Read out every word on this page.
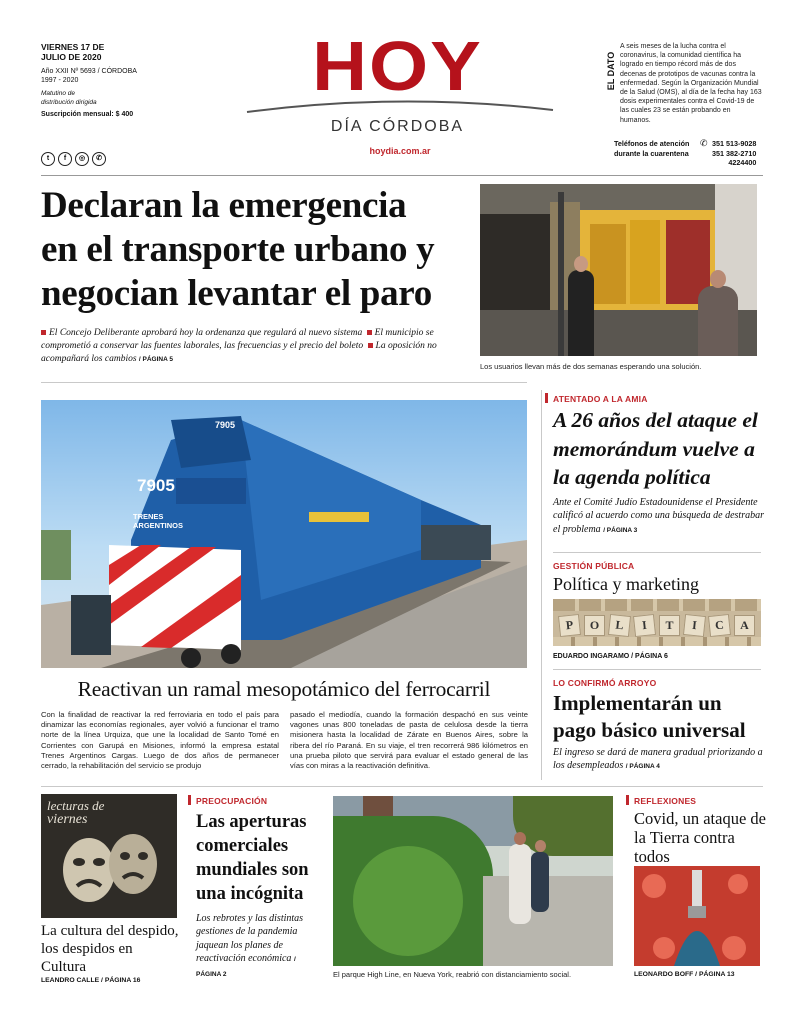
VIERNES 17 DE
JULIO DE 2020
Año XXII Nº 5693 / CÓRDOBA
1997 - 2020
Matutino de
distribución dirigida
Suscripción mensual: $ 400
t	f	◎	✆
HOY
DÍA CÓRDOBA
hoydia.com.ar
EL DATO
A seis meses de la lucha contra el coronavirus, la comunidad científica ha logrado en tiempo récord más de dos decenas de prototipos de vacunas contra la enfermedad. Según la Organización Mundial de la Salud (OMS), al día de la fecha hay 163 dosis experimentales contra el Covid-19 de las cuales 23 se están probando en humanos.
Teléfonos de atención
durante la cuarentena
✆ 351 513-9028
351 382-2710
4224400
Declaran la emergencia
en el transporte urbano y
negocian levantar el paro
El Concejo Deliberante aprobará hoy la ordenanza que regulará al nuevo sistema El municipio se comprometió a conservar las fuentes laborales, las frecuencias y el precio del boleto La oposición no acompañará los cambios / PÁGINA 5
Los usuarios llevan más de dos semanas esperando una solución.
7905
7905
TRENES ARGENTINOS
Reactivan un ramal mesopotámico del ferrocarril
Con la finalidad de reactivar la red ferroviaria en todo el país para dinamizar las economías regionales, ayer volvió a funcionar el tramo norte de la línea Urquiza, que une la localidad de Santo Tomé en Corrientes con Garupá en Misiones, informó la empresa estatal Trenes Argentinos Cargas. Luego de dos años de permanecer cerrado, la rehabilitación del servicio se produjo
pasado el mediodía, cuando la formación despachó en sus veinte vagones unas 800 toneladas de pasta de celulosa desde la tierra misionera hasta la localidad de Zárate en Buenos Aires, sobre la ribera del río Paraná. En su viaje, el tren recorrerá 986 kilómetros en una prueba piloto que servirá para evaluar el estado general de las vías con miras a la reactivación definitiva.
ATENTADO A LA AMIA
A 26 años del ataque el memorándum vuelve a la agenda política
Ante el Comité Judío Estadounidense el Presidente calificó al acuerdo como una búsqueda de destrabar el problema / PÁGINA 3
GESTIÓN PÚBLICA
Política y marketing
P	O	L	I	T	I	C	A
EDUARDO INGARAMO / PÁGINA 6
LO CONFIRMÓ ARROYO
Implementarán un pago básico universal
El ingreso se dará de manera gradual priorizando a los desempleados / PÁGINA 4
lecturas de
viernes
La cultura del despido, los despidos en Cultura
LEANDRO CALLE / PÁGINA 16
PREOCUPACIÓN
Las aperturas comerciales mundiales son una incógnita
Los rebrotes y las distintas gestiones de la pandemia jaquean los planes de reactivación económica / PÁGINA 2	El parque High Line, en Nueva York, reabrió con distanciamiento social.
REFLEXIONES
Covid, un ataque de la Tierra contra todos
LEONARDO BOFF / PÁGINA 13
